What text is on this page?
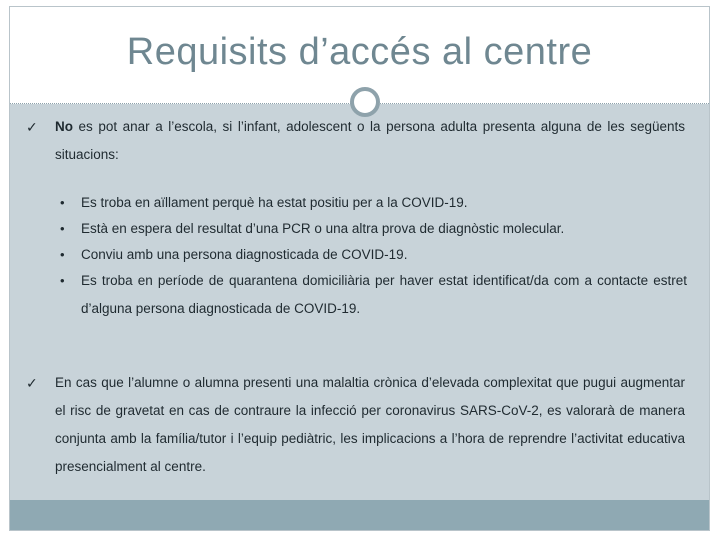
Requisits d’accés al centre
✓ No es pot anar a l’escola, si l’infant, adolescent o la persona adulta presenta alguna de les següents situacions:
• Es troba en aïllament perquè ha estat positiu per a la COVID-19.
• Està en espera del resultat d’una PCR o una altra prova de diagnòstic molecular.
• Conviu amb una persona diagnosticada de COVID-19.
• Es troba en període de quarantena domiciliària per haver estat identificat/da com a contacte estret d’alguna persona diagnosticada de COVID-19.
✓ En cas que l’alumne o alumna presenti una malaltia crònica d’elevada complexitat que pugui augmentar el risc de gravetat en cas de contraure la infecció per coronavirus SARS-CoV-2, es valorarà de manera conjunta amb la família/tutor i l’equip pediàtric, les implicacions a l’hora de reprendre l’activitat educativa presencialment al centre.
